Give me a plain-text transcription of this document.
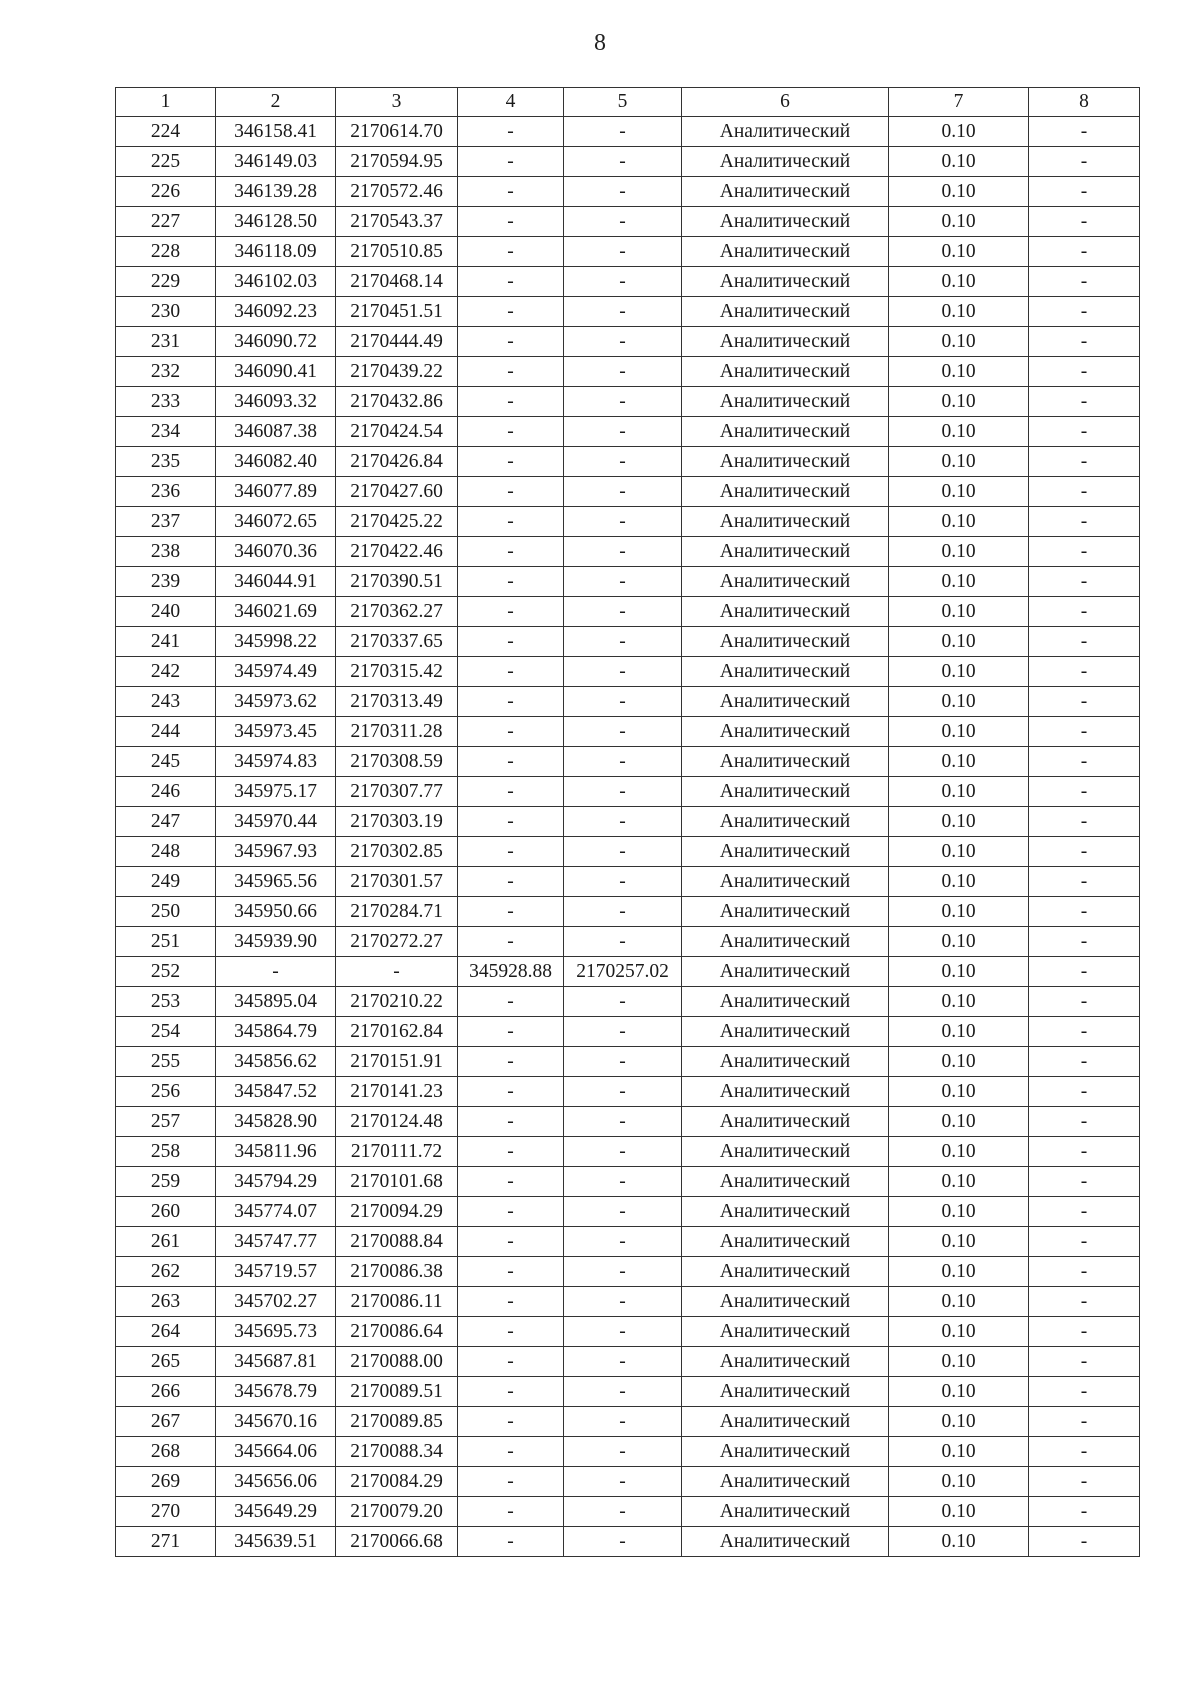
8
1	2	3	4	5	6	7	8
224	346158.41	2170614.70	-	-	Аналитический	0.10	-
225	346149.03	2170594.95	-	-	Аналитический	0.10	-
226	346139.28	2170572.46	-	-	Аналитический	0.10	-
227	346128.50	2170543.37	-	-	Аналитический	0.10	-
228	346118.09	2170510.85	-	-	Аналитический	0.10	-
229	346102.03	2170468.14	-	-	Аналитический	0.10	-
230	346092.23	2170451.51	-	-	Аналитический	0.10	-
231	346090.72	2170444.49	-	-	Аналитический	0.10	-
232	346090.41	2170439.22	-	-	Аналитический	0.10	-
233	346093.32	2170432.86	-	-	Аналитический	0.10	-
234	346087.38	2170424.54	-	-	Аналитический	0.10	-
235	346082.40	2170426.84	-	-	Аналитический	0.10	-
236	346077.89	2170427.60	-	-	Аналитический	0.10	-
237	346072.65	2170425.22	-	-	Аналитический	0.10	-
238	346070.36	2170422.46	-	-	Аналитический	0.10	-
239	346044.91	2170390.51	-	-	Аналитический	0.10	-
240	346021.69	2170362.27	-	-	Аналитический	0.10	-
241	345998.22	2170337.65	-	-	Аналитический	0.10	-
242	345974.49	2170315.42	-	-	Аналитический	0.10	-
243	345973.62	2170313.49	-	-	Аналитический	0.10	-
244	345973.45	2170311.28	-	-	Аналитический	0.10	-
245	345974.83	2170308.59	-	-	Аналитический	0.10	-
246	345975.17	2170307.77	-	-	Аналитический	0.10	-
247	345970.44	2170303.19	-	-	Аналитический	0.10	-
248	345967.93	2170302.85	-	-	Аналитический	0.10	-
249	345965.56	2170301.57	-	-	Аналитический	0.10	-
250	345950.66	2170284.71	-	-	Аналитический	0.10	-
251	345939.90	2170272.27	-	-	Аналитический	0.10	-
252	-	-	345928.88	2170257.02	Аналитический	0.10	-
253	345895.04	2170210.22	-	-	Аналитический	0.10	-
254	345864.79	2170162.84	-	-	Аналитический	0.10	-
255	345856.62	2170151.91	-	-	Аналитический	0.10	-
256	345847.52	2170141.23	-	-	Аналитический	0.10	-
257	345828.90	2170124.48	-	-	Аналитический	0.10	-
258	345811.96	2170111.72	-	-	Аналитический	0.10	-
259	345794.29	2170101.68	-	-	Аналитический	0.10	-
260	345774.07	2170094.29	-	-	Аналитический	0.10	-
261	345747.77	2170088.84	-	-	Аналитический	0.10	-
262	345719.57	2170086.38	-	-	Аналитический	0.10	-
263	345702.27	2170086.11	-	-	Аналитический	0.10	-
264	345695.73	2170086.64	-	-	Аналитический	0.10	-
265	345687.81	2170088.00	-	-	Аналитический	0.10	-
266	345678.79	2170089.51	-	-	Аналитический	0.10	-
267	345670.16	2170089.85	-	-	Аналитический	0.10	-
268	345664.06	2170088.34	-	-	Аналитический	0.10	-
269	345656.06	2170084.29	-	-	Аналитический	0.10	-
270	345649.29	2170079.20	-	-	Аналитический	0.10	-
271	345639.51	2170066.68	-	-	Аналитический	0.10	-
